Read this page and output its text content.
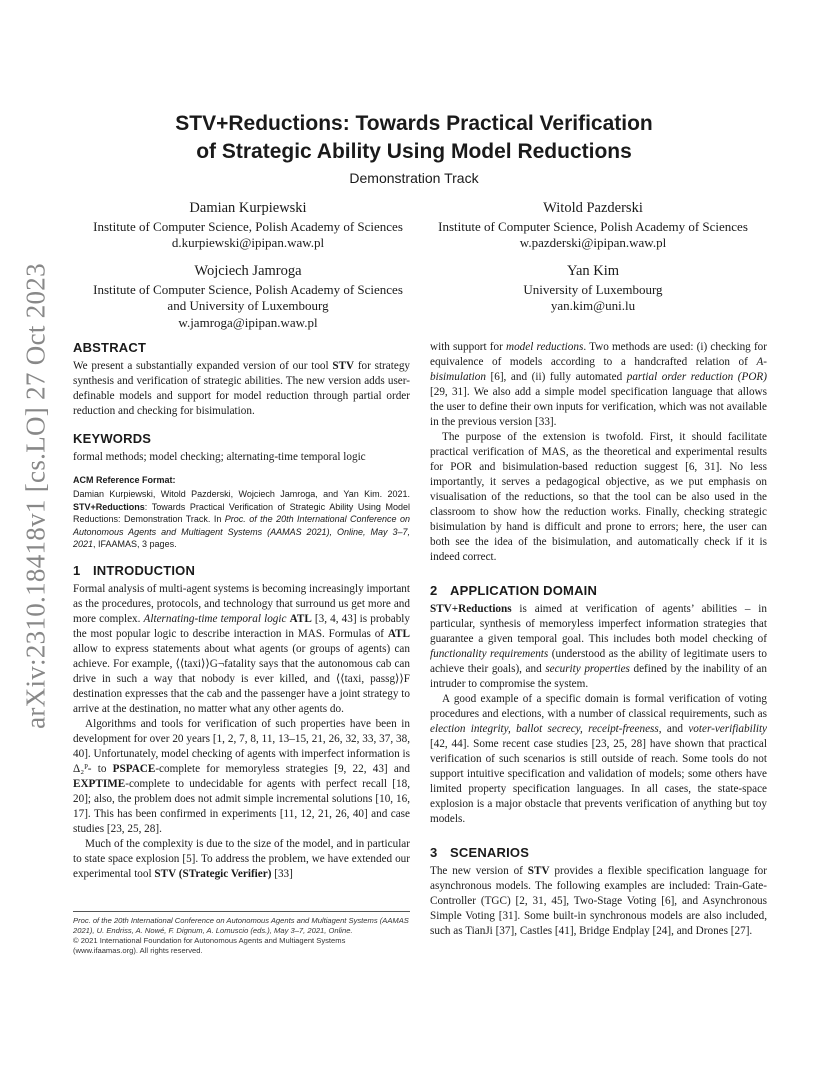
arXiv:2310.18418v1 [cs.LO] 27 Oct 2023
STV+Reductions: Towards Practical Verification
of Strategic Ability Using Model Reductions
Demonstration Track
Damian Kurpiewski
Institute of Computer Science, Polish Academy of Sciences
d.kurpiewski@ipipan.waw.pl
Witold Pazderski
Institute of Computer Science, Polish Academy of Sciences
w.pazderski@ipipan.waw.pl
Wojciech Jamroga
Institute of Computer Science, Polish Academy of Sciences
and University of Luxembourg
w.jamroga@ipipan.waw.pl
Yan Kim
University of Luxembourg
yan.kim@uni.lu
ABSTRACT

We present a substantially expanded version of our tool STV for strategy synthesis and verification of strategic abilities. The new version adds user-definable models and support for model reduction through partial order reduction and checking for bisimulation.

KEYWORDS

formal methods; model checking; alternating-time temporal logic

ACM Reference Format:
Damian Kurpiewski, Witold Pazderski, Wojciech Jamroga, and Yan Kim. 2021. STV+Reductions: Towards Practical Verification of Strategic Ability Using Model Reductions: Demonstration Track. In Proc. of the 20th International Conference on Autonomous Agents and Multiagent Systems (AAMAS 2021), Online, May 3–7, 2021, IFAAMAS, 3 pages.
1 INTRODUCTION

Formal analysis of multi-agent systems is becoming increasingly important as the procedures, protocols, and technology that surround us get more and more complex. Alternating-time temporal logic ATL [3, 4, 43] is probably the most popular logic to describe interaction in MAS. Formulas of ATL allow to express statements about what agents (or groups of agents) can achieve. For example, ⟨⟨taxi⟩⟩G¬fatality says that the autonomous cab can drive in such a way that nobody is ever killed, and ⟨⟨taxi, passg⟩⟩F destination expresses that the cab and the passenger have a joint strategy to arrive at the destination, no matter what any other agents do.

Algorithms and tools for verification of such properties have been in development for over 20 years [1, 2, 7, 8, 11, 13–15, 21, 26, 32, 33, 37, 38, 40]. Unfortunately, model checking of agents with imperfect information is Δ₂ᴾ- to PSPACE-complete for memoryless strategies [9, 22, 43] and EXPTIME-complete to undecidable for agents with perfect recall [18, 20]; also, the problem does not admit simple incremental solutions [10, 16, 17]. This has been confirmed in experiments [11, 12, 21, 26, 40] and case studies [23, 25, 28].

Much of the complexity is due to the size of the model, and in particular to state space explosion [5]. To address the problem, we have extended our experimental tool STV (STrategic Verifier) [33]

Proc. of the 20th International Conference on Autonomous Agents and Multiagent Systems (AAMAS 2021), U. Endriss, A. Nowé, F. Dignum, A. Lomuscio (eds.), May 3–7, 2021, Online.
© 2021 International Foundation for Autonomous Agents and Multiagent Systems (www.ifaamas.org). All rights reserved.

with support for model reductions. Two methods are used: (i) checking for equivalence of models according to a handcrafted relation of A-bisimulation [6], and (ii) fully automated partial order reduction (POR) [29, 31]. We also add a simple model specification language that allows the user to define their own inputs for verification, which was not available in the previous version [33].

The purpose of the extension is twofold. First, it should facilitate practical verification of MAS, as the theoretical and experimental results for POR and bisimulation-based reduction suggest [6, 31]. No less importantly, it serves a pedagogical objective, as we put emphasis on visualisation of the reductions, so that the tool can be also used in the classroom to show how the reduction works. Finally, checking strategic bisimulation by hand is difficult and prone to errors; here, the user can both see the idea of the bisimulation, and automatically check if it is indeed correct.

2 APPLICATION DOMAIN

STV+Reductions is aimed at verification of agents’ abilities – in particular, synthesis of memoryless imperfect information strategies that guarantee a given temporal goal. This includes both model checking of functionality requirements (understood as the ability of legitimate users to achieve their goals), and security properties defined by the inability of an intruder to compromise the system.

A good example of a specific domain is formal verification of voting procedures and elections, with a number of classical requirements, such as election integrity, ballot secrecy, receipt-freeness, and voter-verifiability [42, 44]. Some recent case studies [23, 25, 28] have shown that practical verification of such scenarios is still outside of reach. Some tools do not support intuitive specification and validation of models; some others have limited property specification languages. In all cases, the state-space explosion is a major obstacle that prevents verification of anything but toy models.

3 SCENARIOS

The new version of STV provides a flexible specification language for asynchronous models. The following examples are included: Train-Gate-Controller (TGC) [2, 31, 45], Two-Stage Voting [6], and Asynchronous Simple Voting [31]. Some built-in synchronous models are also included, such as TianJi [37], Castles [41], Bridge Endplay [24], and Drones [27].
